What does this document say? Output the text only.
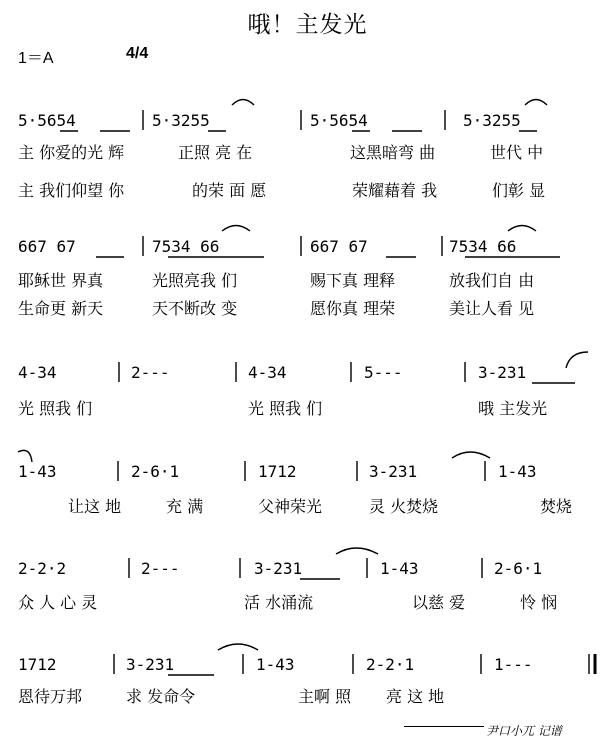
哦！主发光
1＝A	4/4
5·5654	5·3255	5·5654	5·3255
主 你爱的光 辉	正照 亮 在	这黑暗弯 曲	世代 中
主 我们仰望 你	的荣 面 愿	荣耀藉着 我	们彰 显
667 67	7534 66	667 67	7534 66
耶稣世 界真	光照亮我 们	赐下真 理释	放我们自 由
生命更 新天	天不断改 变	愿你真 理荣	美让人看 见
4-34	2---	4-34	5---	3-231
光 照我 们	光 照我 们	哦 主发光
1-43	2-6·1	1712	3-231	1-43
让这 地	充 满	父神荣光	灵 火焚烧	焚烧
2-2·2	2---	3-231	1-43	2-6·1
众 人 心 灵	活 水涌流	以慈 爱	怜 悯
1712	3-231	1-43	2-2·1	1---
恩待万邦	求 发命令	主啊 照 亮 这 地
尹口小兀 记谱
